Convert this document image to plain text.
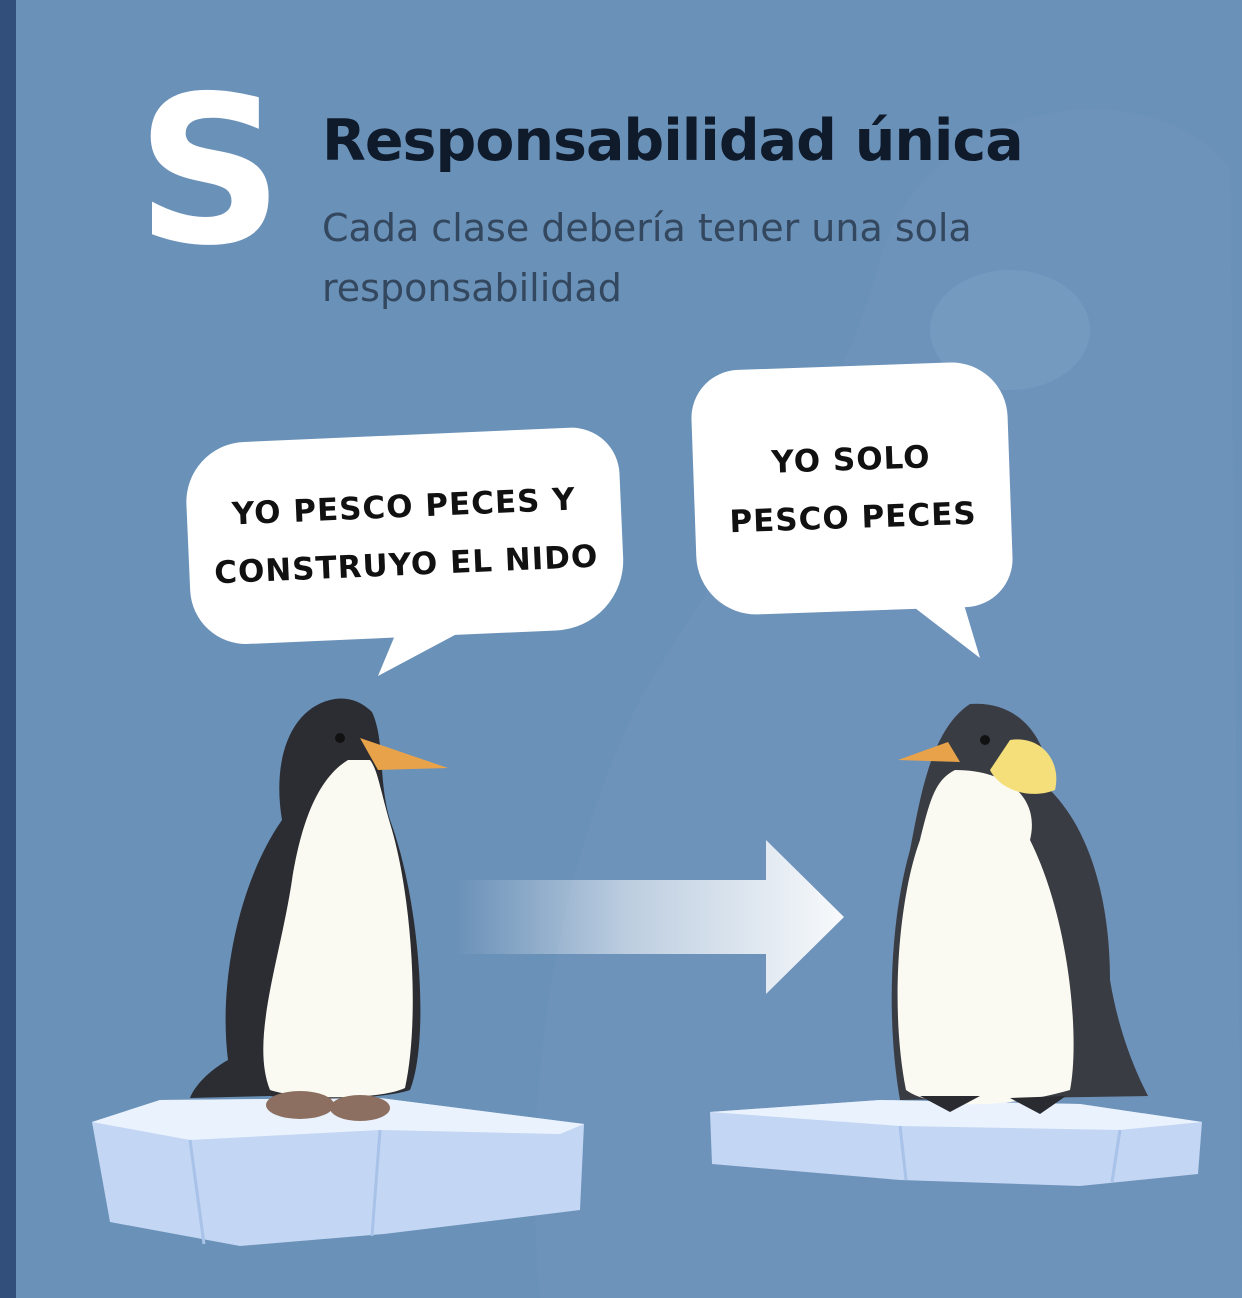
S Responsabilidad única
Cada clase debería tener una sola responsabilidad
YO PESCO PECES Y
CONSTRUYO EL NIDO
YO SOLO
PESCO PECES
